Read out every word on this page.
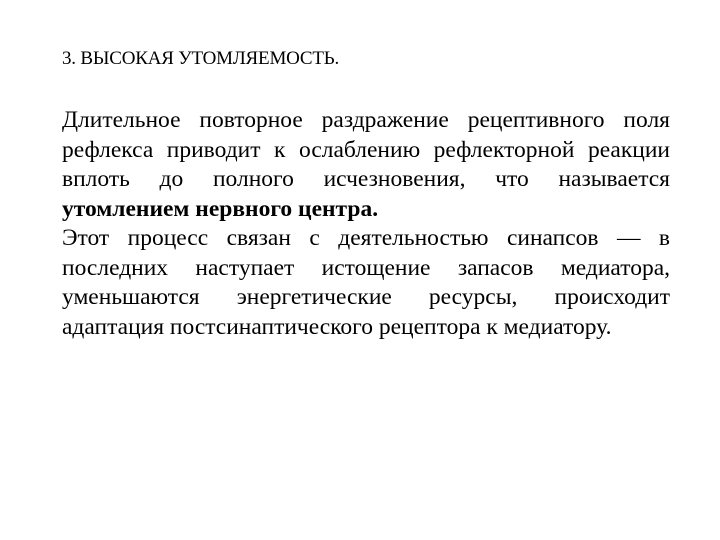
3. ВЫСОКАЯ УТОМЛЯЕМОСТЬ.

Длительное повторное раздражение рецептивного поля рефлекса приводит к ослаблению рефлекторной реакции вплоть до полного исчезновения, что называется утомлением нервного центра.

Этот процесс связан с деятельностью синапсов — в последних наступает истощение запасов медиатора, уменьшаются энергетические ресурсы, происходит адаптация постсинаптического рецептора к медиатору.
